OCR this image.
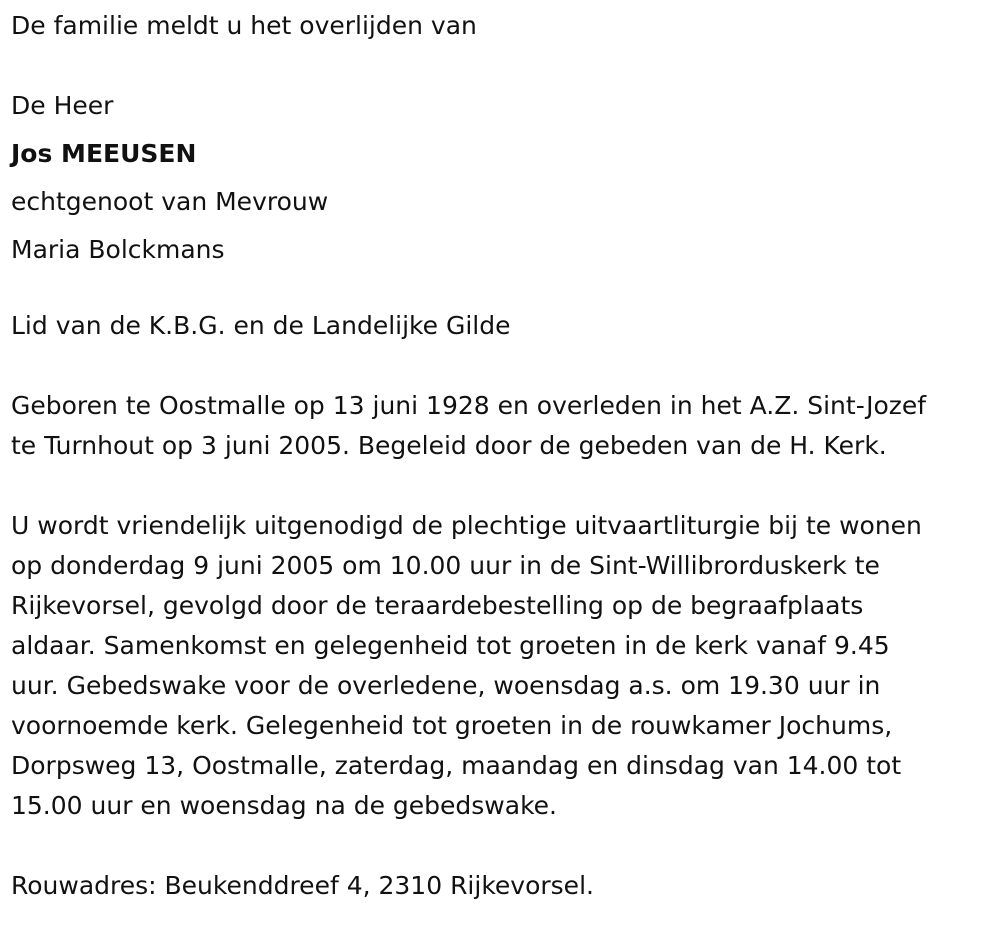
De familie meldt u het overlijden van

De Heer

Jos MEEUSEN

echtgenoot van Mevrouw

Maria Bolckmans

Lid van de K.B.G. en de Landelijke Gilde

Geboren te Oostmalle op 13 juni 1928 en overleden in het A.Z. Sint-Jozef

te Turnhout op 3 juni 2005. Begeleid door de gebeden van de H. Kerk.

U wordt vriendelijk uitgenodigd de plechtige uitvaartliturgie bij te wonen

op donderdag 9 juni 2005 om 10.00 uur in de Sint-Willibrorduskerk te

Rijkevorsel, gevolgd door de teraardebestelling op de begraafplaats

aldaar. Samenkomst en gelegenheid tot groeten in de kerk vanaf 9.45

uur. Gebedswake voor de overledene, woensdag a.s. om 19.30 uur in

voornoemde kerk. Gelegenheid tot groeten in de rouwkamer Jochums,

Dorpsweg 13, Oostmalle, zaterdag, maandag en dinsdag van 14.00 tot

15.00 uur en woensdag na de gebedswake.

Rouwadres: Beukenddreef 4, 2310 Rijkevorsel.
